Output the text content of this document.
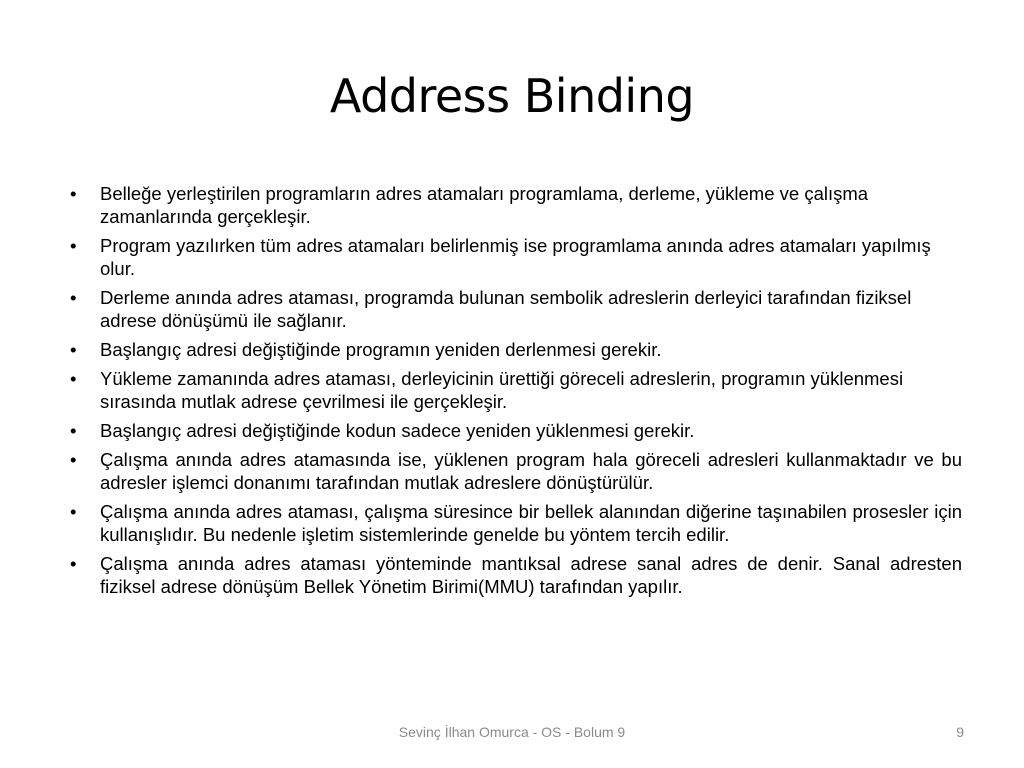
Address Binding
•	Belleğe yerleştirilen programların adres atamaları programlama, derleme, yükleme ve çalışma zamanlarında gerçekleşir.
•	Program yazılırken tüm adres atamaları belirlenmiş ise programlama anında adres atamaları yapılmış olur.
•	Derleme anında adres ataması, programda bulunan sembolik adreslerin derleyici tarafından fiziksel adrese dönüşümü ile sağlanır.
•	Başlangıç adresi değiştiğinde programın yeniden derlenmesi gerekir.
•	Yükleme zamanında adres ataması, derleyicinin ürettiği göreceli adreslerin, programın yüklenmesi sırasında mutlak adrese çevrilmesi ile gerçekleşir.
•	Başlangıç adresi değiştiğinde kodun sadece yeniden yüklenmesi gerekir.
•	Çalışma anında adres atamasında ise, yüklenen program hala göreceli adresleri kullanmaktadır ve bu adresler işlemci donanımı tarafından mutlak adreslere dönüştürülür.
•	Çalışma anında adres ataması, çalışma süresince bir bellek alanından diğerine taşınabilen prosesler için kullanışlıdır. Bu nedenle işletim sistemlerinde genelde bu yöntem tercih edilir.
•	Çalışma anında adres ataması yönteminde mantıksal adrese sanal adres de denir. Sanal adresten fiziksel adrese dönüşüm Bellek Yönetim Birimi(MMU) tarafından yapılır.
Sevinç İlhan Omurca - OS - Bolum 9	9
